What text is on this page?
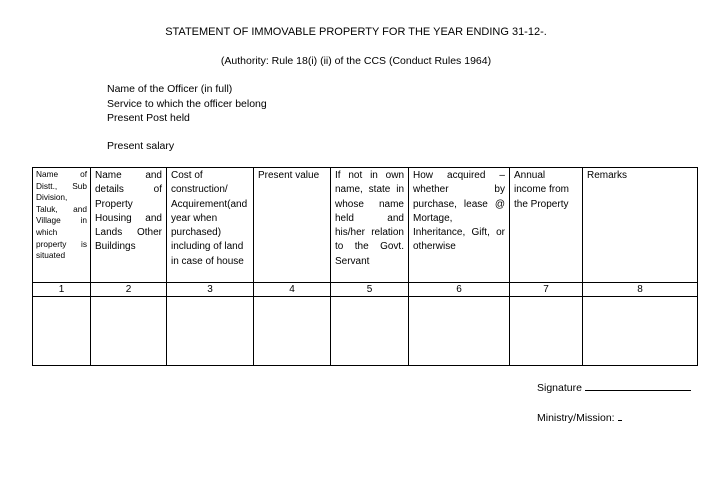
STATEMENT OF IMMOVABLE PROPERTY FOR THE YEAR ENDING 31-12-.
(Authority: Rule 18(i) (ii) of the CCS (Conduct Rules 1964)
Name of the Officer (in full)
Service to which the officer belong
Present Post held
Present salary
Name of Distt., Sub Division, Taluk, and Village in which property is situated	Name and details of Property Housing and Lands Other Buildings	Cost of construction/ Acquirement(and year when purchased) including of land in case of house	Present value	If not in own name, state in whose name held and his/her relation to the Govt. Servant	How acquired – whether by purchase, lease @ Mortage, Inheritance, Gift, or otherwise	Annual income from the Property	Remarks
1	2	3	4	5	6	7	8

Signature
Ministry/Mission:
